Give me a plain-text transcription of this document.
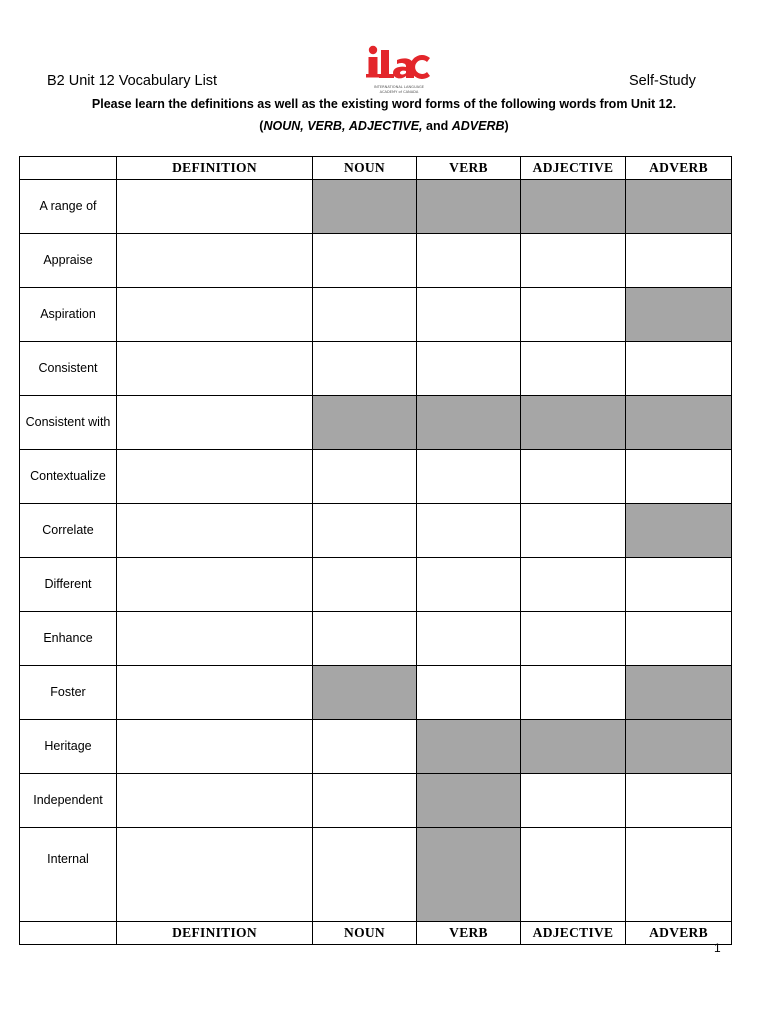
B2 Unit 12 Vocabulary List	INTERNATIONAL LANGUAGE
ACADEMY of CANADA
Self-Study
Please learn the definitions as well as the existing word forms of the following words from Unit 12.
(NOUN, VERB, ADJECTIVE, and ADVERB)
	DEFINITION	NOUN	VERB	ADJECTIVE	ADVERB
A range of					
Appraise					
Aspiration					
Consistent					
Consistent with					
Contextualize					
Correlate					
Different					
Enhance					
Foster					
Heritage					
Independent					
Internal					
	DEFINITION	NOUN	VERB	ADJECTIVE	ADVERB
1
